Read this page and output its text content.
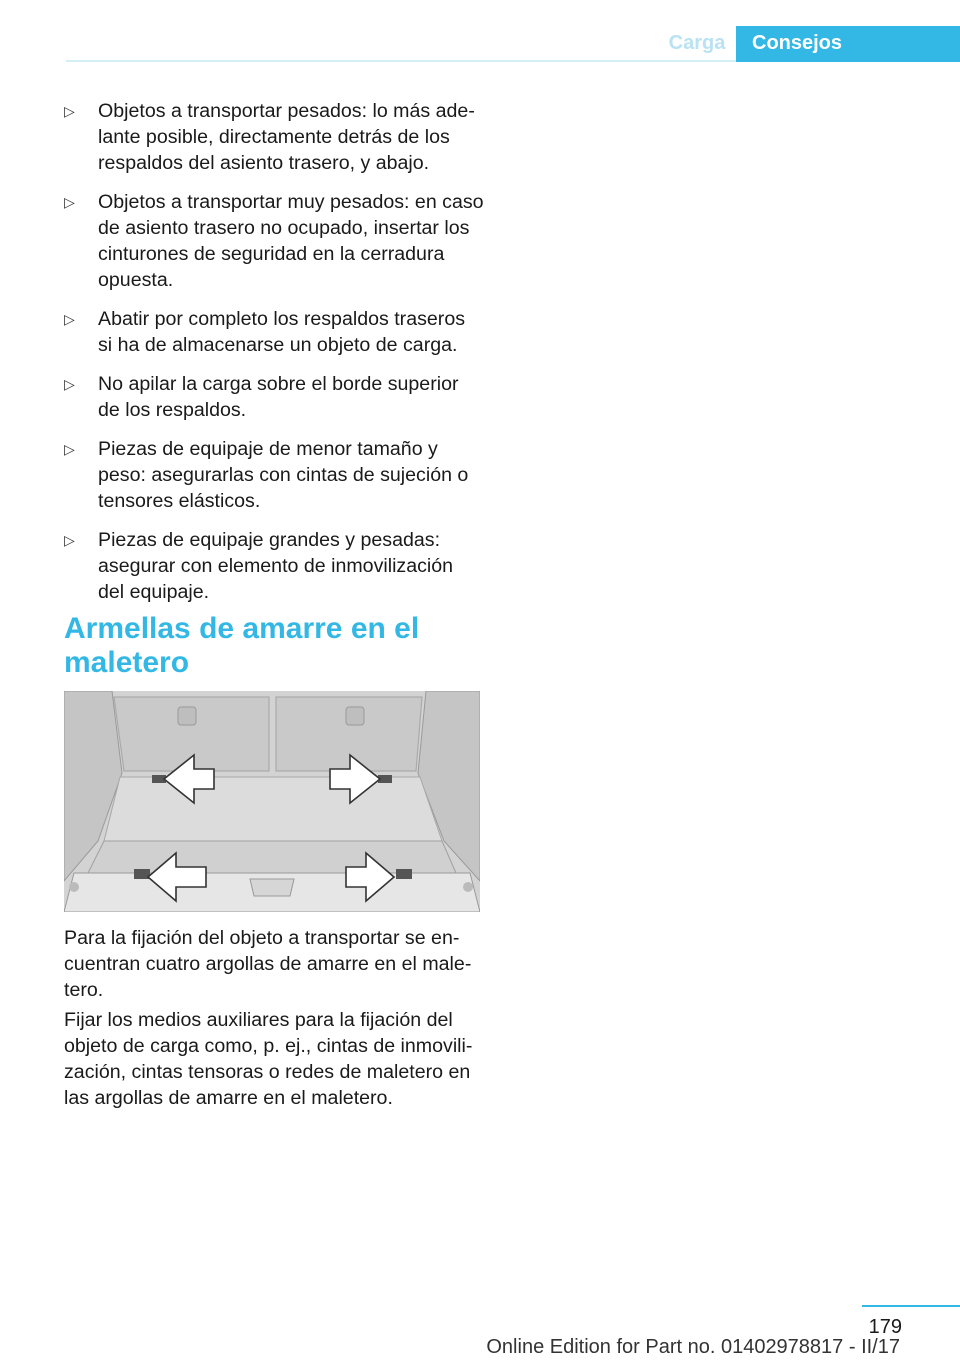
Carga	Consejos
▷ Objetos a transportar pesados: lo más adelante posible, directamente detrás de los respaldos del asiento trasero, y abajo.
▷ Objetos a transportar muy pesados: en caso de asiento trasero no ocupado, insertar los cinturones de seguridad en la cerradura opuesta.
▷ Abatir por completo los respaldos traseros si ha de almacenarse un objeto de carga.
▷ No apilar la carga sobre el borde superior de los respaldos.
▷ Piezas de equipaje de menor tamaño y peso: asegurarlas con cintas de sujeción o tensores elásticos.
▷ Piezas de equipaje grandes y pesadas: asegurar con elemento de inmovilización del equipaje.
Armellas de amarre en el maletero

Para la fijación del objeto a transportar se encuentran cuatro argollas de amarre en el maletero.

Fijar los medios auxiliares para la fijación del objeto de carga como, p. ej., cintas de inmovilización, cintas tensoras o redes de maletero en las argollas de amarre en el maletero.

179
Online Edition for Part no. 01402978817 - II/17
